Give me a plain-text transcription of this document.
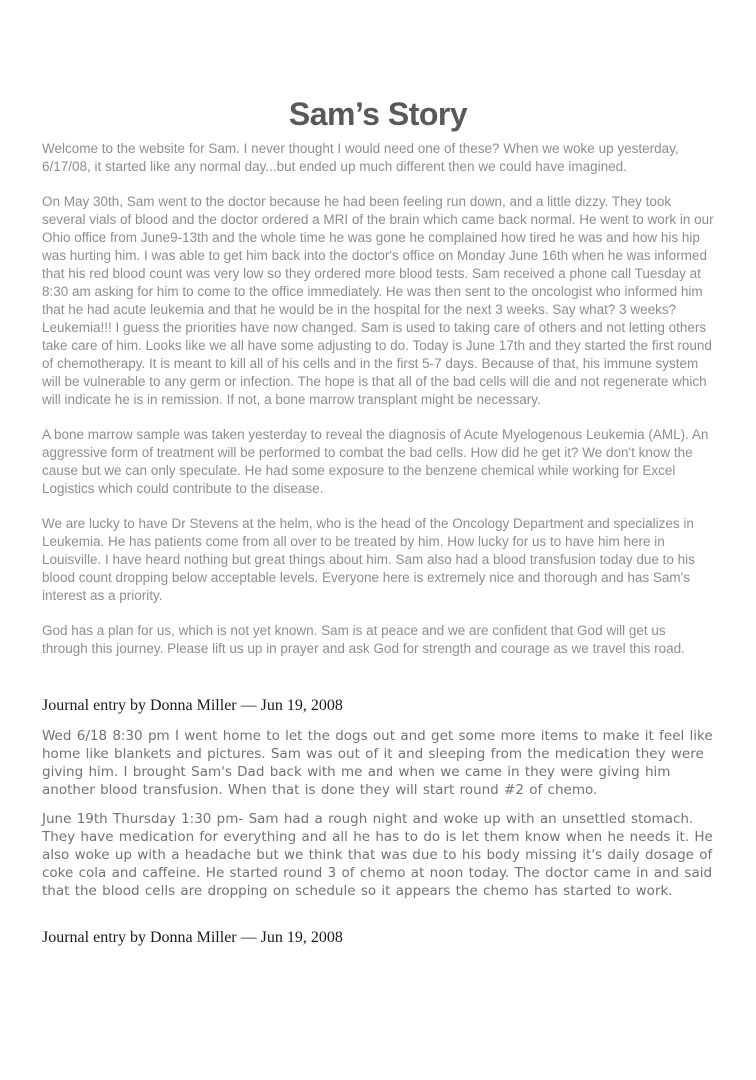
Sam’s Story

Welcome to the website for Sam. I never thought I would need one of these? When we woke up yesterday, 6/17/08, it started like any normal day...but ended up much different then we could have imagined.

On May 30th, Sam went to the doctor because he had been feeling run down, and a little dizzy. They took several vials of blood and the doctor ordered a MRI of the brain which came back normal. He went to work in our Ohio office from June9-13th and the whole time he was gone he complained how tired he was and how his hip was hurting him. I was able to get him back into the doctor's office on Monday June 16th when he was informed that his red blood count was very low so they ordered more blood tests. Sam received a phone call Tuesday at 8:30 am asking for him to come to the office immediately. He was then sent to the oncologist who informed him that he had acute leukemia and that he would be in the hospital for the next 3 weeks. Say what? 3 weeks? Leukemia!!! I guess the priorities have now changed. Sam is used to taking care of others and not letting others take care of him. Looks like we all have some adjusting to do. Today is June 17th and they started the first round of chemotherapy. It is meant to kill all of his cells and in the first 5-7 days. Because of that, his immune system will be vulnerable to any germ or infection. The hope is that all of the bad cells will die and not regenerate which will indicate he is in remission. If not, a bone marrow transplant might be necessary.

A bone marrow sample was taken yesterday to reveal the diagnosis of Acute Myelogenous Leukemia (AML). An aggressive form of treatment will be performed to combat the bad cells. How did he get it? We don't know the cause but we can only speculate. He had some exposure to the benzene chemical while working for Excel Logistics which could contribute to the disease.

We are lucky to have Dr Stevens at the helm, who is the head of the Oncology Department and specializes in Leukemia. He has patients come from all over to be treated by him. How lucky for us to have him here in Louisville. I have heard nothing but great things about him. Sam also had a blood transfusion today due to his blood count dropping below acceptable levels. Everyone here is extremely nice and thorough and has Sam's interest as a priority.

God has a plan for us, which is not yet known. Sam is at peace and we are confident that God will get us through this journey. Please lift us up in prayer and ask God for strength and courage as we travel this road.

Journal entry by Donna Miller — Jun 19, 2008

Wed 6/18 8:30 pm I went home to let the dogs out and get some more items to make it feel like home like blankets and pictures. Sam was out of it and sleeping from the medication they were giving him. I brought Sam's Dad back with me and when we came in they were giving him another blood transfusion. When that is done they will start round #2 of chemo.

June 19th Thursday 1:30 pm- Sam had a rough night and woke up with an unsettled stomach. They have medication for everything and all he has to do is let them know when he needs it. He also woke up with a headache but we think that was due to his body missing it's daily dosage of coke cola and caffeine. He started round 3 of chemo at noon today. The doctor came in and said that the blood cells are dropping on schedule so it appears the chemo has started to work.

Journal entry by Donna Miller — Jun 19, 2008
